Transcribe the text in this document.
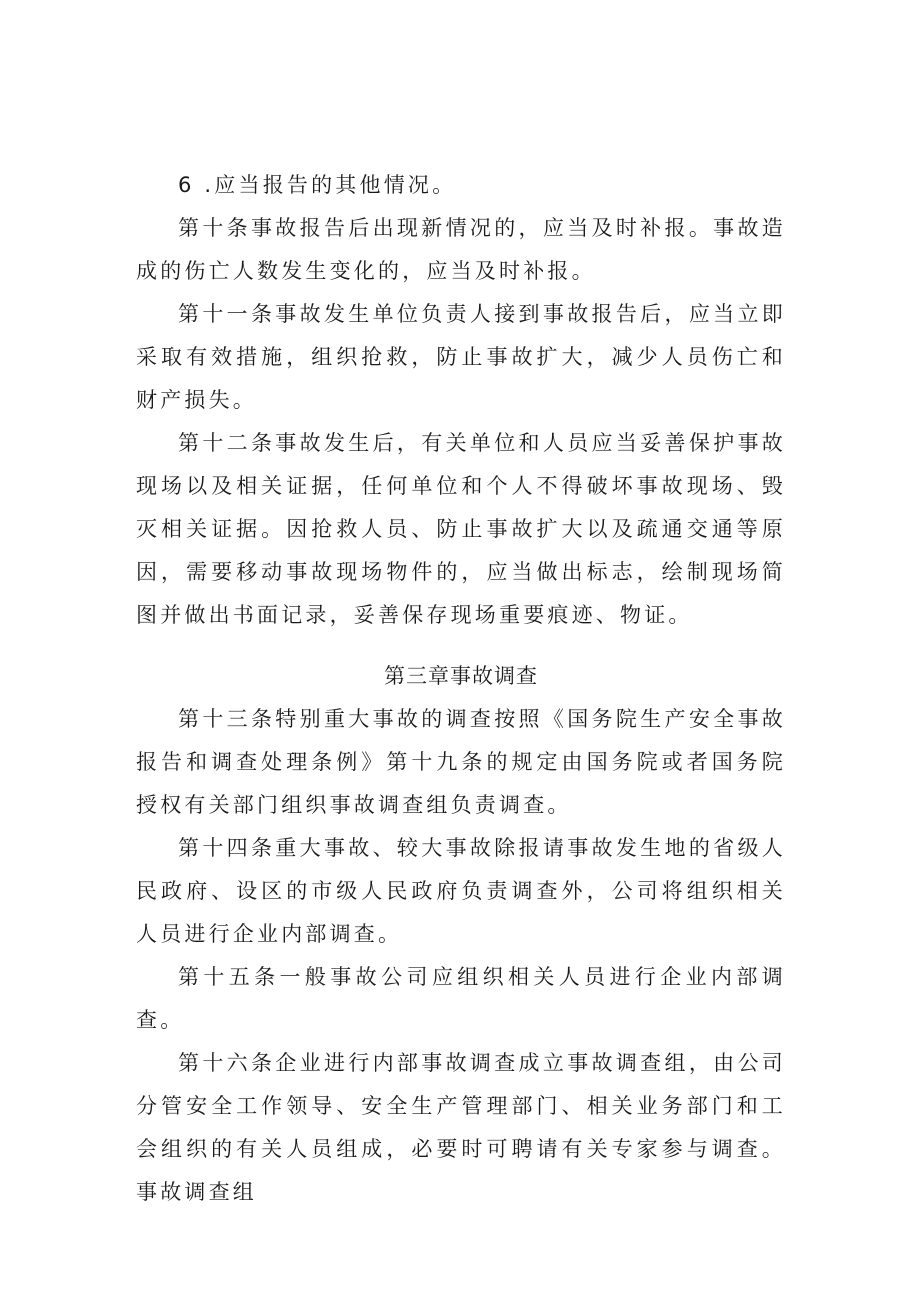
6 .应当报告的其他情况。

第十条事故报告后出现新情况的，应当及时补报。事故造成的伤亡人数发生变化的，应当及时补报。

第十一条事故发生单位负责人接到事故报告后，应当立即采取有效措施，组织抢救，防止事故扩大，减少人员伤亡和财产损失。

第十二条事故发生后，有关单位和人员应当妥善保护事故现场以及相关证据，任何单位和个人不得破坏事故现场、毁灭相关证据。因抢救人员、防止事故扩大以及疏通交通等原因，需要移动事故现场物件的，应当做出标志，绘制现场简图并做出书面记录，妥善保存现场重要痕迹、物证。

第三章事故调查

第十三条特别重大事故的调查按照《国务院生产安全事故报告和调查处理条例》第十九条的规定由国务院或者国务院授权有关部门组织事故调查组负责调查。

第十四条重大事故、较大事故除报请事故发生地的省级人民政府、设区的市级人民政府负责调查外，公司将组织相关人员进行企业内部调查。

第十五条一般事故公司应组织相关人员进行企业内部调查。

第十六条企业进行内部事故调查成立事故调查组，由公司分管安全工作领导、安全生产管理部门、相关业务部门和工会组织的有关人员组成，必要时可聘请有关专家参与调查。事故调查组
